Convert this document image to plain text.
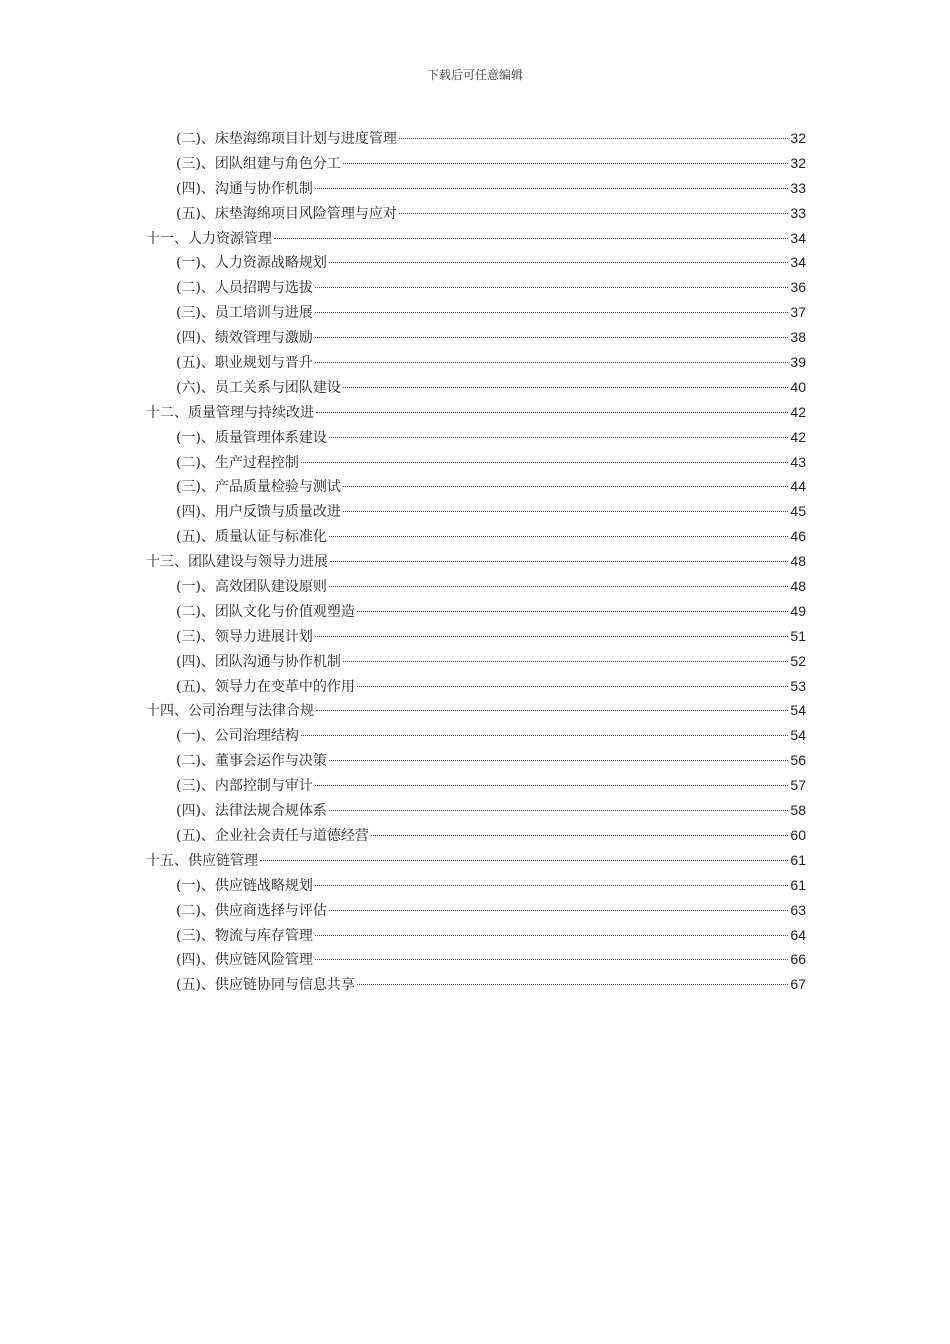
下载后可任意编辑
(二)、床垫海绵项目计划与进度管理	32
(三)、团队组建与角色分工	32
(四)、沟通与协作机制	33
(五)、床垫海绵项目风险管理与应对	33
十一、人力资源管理	34
(一)、人力资源战略规划	34
(二)、人员招聘与选拔	36
(三)、员工培训与进展	37
(四)、绩效管理与激励	38
(五)、职业规划与晋升	39
(六)、员工关系与团队建设	40
十二、质量管理与持续改进	42
(一)、质量管理体系建设	42
(二)、生产过程控制	43
(三)、产品质量检验与测试	44
(四)、用户反馈与质量改进	45
(五)、质量认证与标准化	46
十三、团队建设与领导力进展	48
(一)、高效团队建设原则	48
(二)、团队文化与价值观塑造	49
(三)、领导力进展计划	51
(四)、团队沟通与协作机制	52
(五)、领导力在变革中的作用	53
十四、公司治理与法律合规	54
(一)、公司治理结构	54
(二)、董事会运作与决策	56
(三)、内部控制与审计	57
(四)、法律法规合规体系	58
(五)、企业社会责任与道德经营	60
十五、供应链管理	61
(一)、供应链战略规划	61
(二)、供应商选择与评估	63
(三)、物流与库存管理	64
(四)、供应链风险管理	66
(五)、供应链协同与信息共享	67
